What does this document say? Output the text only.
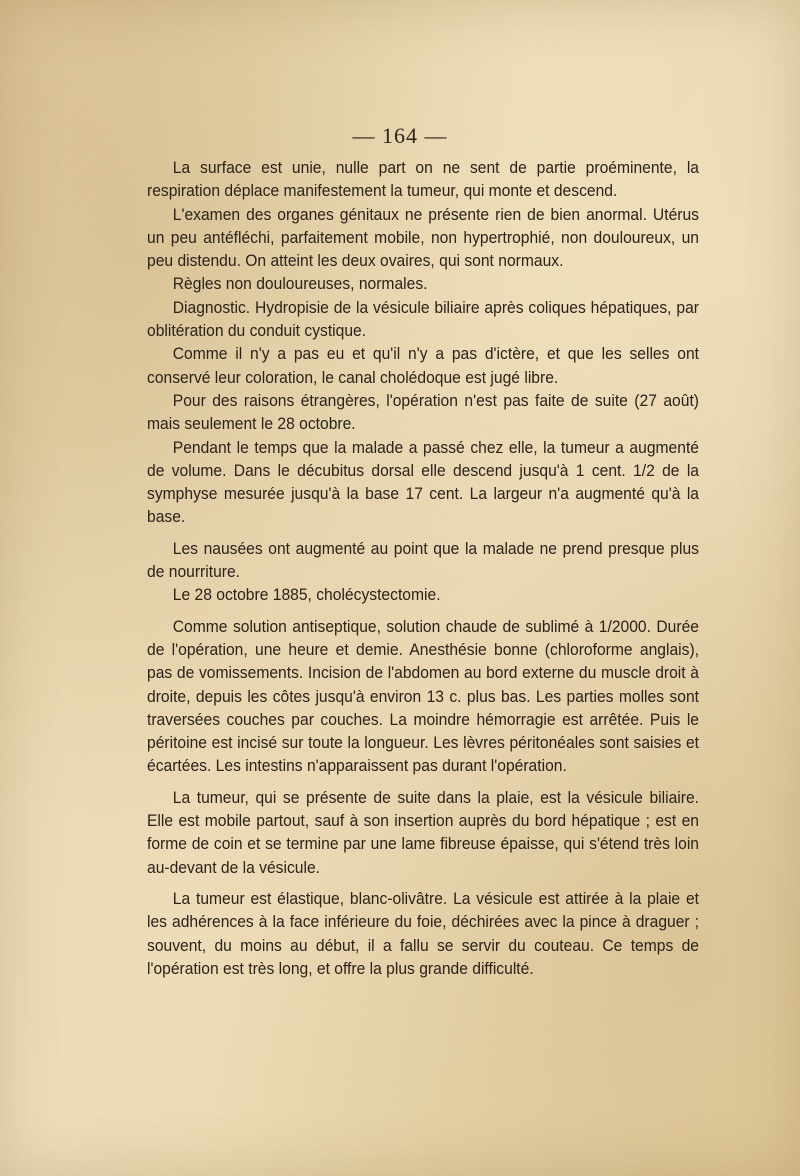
— 164 —

La surface est unie, nulle part on ne sent de partie proéminente, la respiration déplace manifestement la tumeur, qui monte et descend.

L'examen des organes génitaux ne présente rien de bien anormal. Utérus un peu antéfléchi, parfaitement mobile, non hypertrophié, non douloureux, un peu distendu. On atteint les deux ovaires, qui sont normaux.

Règles non douloureuses, normales.

Diagnostic. Hydropisie de la vésicule biliaire après coliques hépatiques, par oblitération du conduit cystique.

Comme il n'y a pas eu et qu'il n'y a pas d'ictère, et que les selles ont conservé leur coloration, le canal cholédoque est jugé libre.

Pour des raisons étrangères, l'opération n'est pas faite de suite (27 août) mais seulement le 28 octobre.

Pendant le temps que la malade a passé chez elle, la tumeur a augmenté de volume. Dans le décubitus dorsal elle descend jusqu'à 1 cent. 1/2 de la symphyse mesurée jusqu'à la base 17 cent. La largeur n'a augmenté qu'à la base.

Les nausées ont augmenté au point que la malade ne prend presque plus de nourriture.

Le 28 octobre 1885, cholécystectomie.

Comme solution antiseptique, solution chaude de sublimé à 1/2000. Durée de l'opération, une heure et demie. Anesthésie bonne (chloroforme anglais), pas de vomissements. Incision de l'abdomen au bord externe du muscle droit à droite, depuis les côtes jusqu'à environ 13 c. plus bas. Les parties molles sont traversées couches par couches. La moindre hémorragie est arrêtée. Puis le péritoine est incisé sur toute la longueur. Les lèvres péritonéales sont saisies et écartées. Les intestins n'apparaissent pas durant l'opération.

La tumeur, qui se présente de suite dans la plaie, est la vésicule biliaire. Elle est mobile partout, sauf à son insertion auprès du bord hépatique ; est en forme de coin et se termine par une lame fibreuse épaisse, qui s'étend très loin au-devant de la vésicule.

La tumeur est élastique, blanc-olivâtre. La vésicule est attirée à la plaie et les adhérences à la face inférieure du foie, déchirées avec la pince à draguer ; souvent, du moins au début, il a fallu se servir du couteau. Ce temps de l'opération est très long, et offre la plus grande difficulté.
